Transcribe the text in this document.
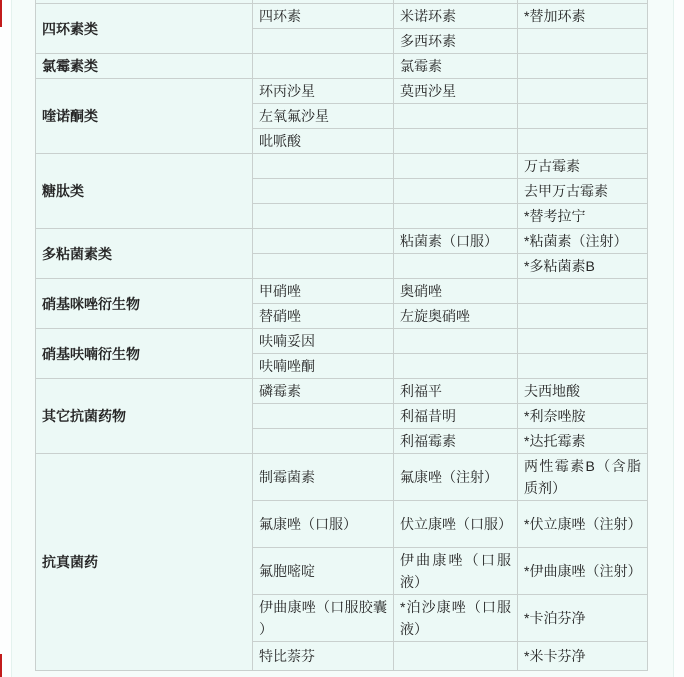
四环素类	四环素	米诺环素	*替加环素
		多西环素	
氯霉素类		氯霉素	
喹诺酮类	环丙沙星	莫西沙星	
	左氧氟沙星		
	吡哌酸		
糖肽类			万古霉素
			去甲万古霉素
			*替考拉宁
多粘菌素类		粘菌素（口服）	*粘菌素（注射）
			*多粘菌素B
硝基咪唑衍生物	甲硝唑	奥硝唑	
	替硝唑	左旋奥硝唑	
硝基呋喃衍生物	呋喃妥因		
	呋喃唑酮		
其它抗菌药物	磷霉素	利福平	夫西地酸
		利福昔明	*利奈唑胺
		利福霉素	*达托霉素
抗真菌药	制霉菌素	氟康唑（注射）	两性霉素B（含脂质剂）
	氟康唑（口服）	伏立康唑（口服）	*伏立康唑（注射）
	氟胞嘧啶	伊曲康唑（口服液）	*伊曲康唑（注射）
	伊曲康唑（口服胶囊）	*泊沙康唑（口服液）	*卡泊芬净
	特比萘芬		*米卡芬净
